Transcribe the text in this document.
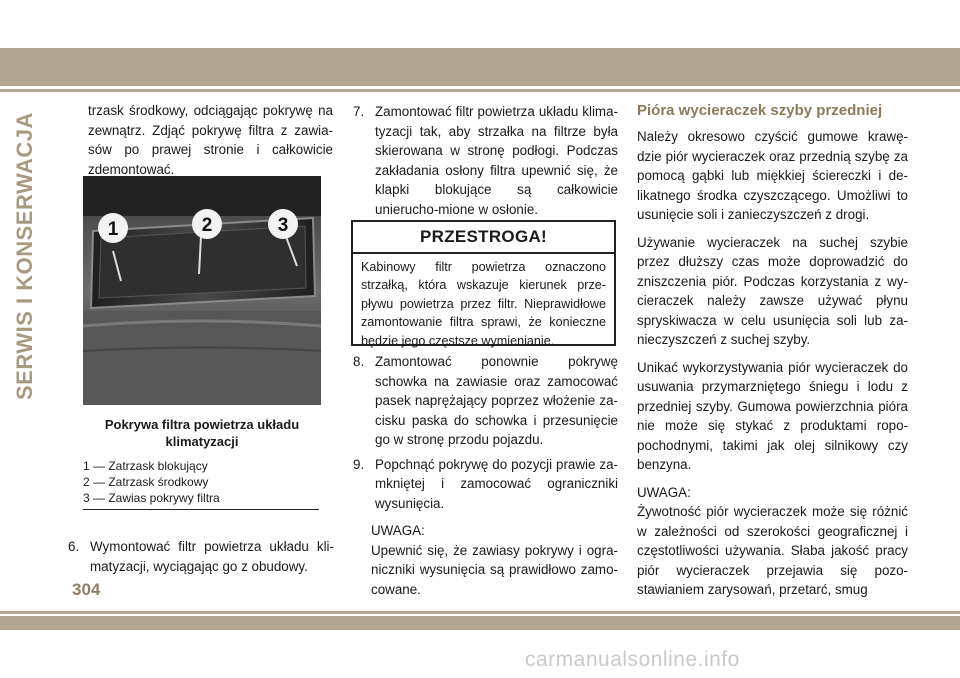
SERWIS I KONSERWACJA

trzask środkowy, odciągając pokrywę na zewnątrz. Zdjąć pokrywę filtra z zawia-sów po prawej stronie i całkowicie zdemontować.

1	2	3
Pokrywa filtra powietrza układu
klimatyzacji
1 — Zatrzask blokujący
2 — Zatrzask środkowy
3 — Zawias pokrywy filtra
6. Wymontować filtr powietrza układu kli-matyzacji, wyciągając go z obudowy.
7. Zamontować filtr powietrza układu klima-tyzacji tak, aby strzałka na filtrze była skierowana w stronę podłogi. Podczas zakładania osłony filtra upewnić się, że klapki blokujące są całkowicie unierucho-mione w osłonie.
PRZESTROGA!
Kabinowy filtr powietrza oznaczono strzałką, która wskazuje kierunek prze-pływu powietrza przez filtr. Nieprawidłowe zamontowanie filtra sprawi, że konieczne będzie jego częstsze wymienianie.
8. Zamontować ponownie pokrywę schowka na zawiasie oraz zamocować pasek naprężający poprzez włożenie za-cisku paska do schowka i przesunięcie go w stronę przodu pojazdu.
9. Popchnąć pokrywę do pozycji prawie za-mkniętej i zamocować ograniczniki wysunięcia.
UWAGA:
Upewnić się, że zawiasy pokrywy i ogra-niczniki wysunięcia są prawidłowo zamo-cowane.
Pióra wycieraczek szyby przedniej

Należy okresowo czyścić gumowe krawę-dzie piór wycieraczek oraz przednią szybę za pomocą gąbki lub miękkiej ściereczki i de-likatnego środka czyszczącego. Umożliwi to usunięcie soli i zanieczyszczeń z drogi.

Używanie wycieraczek na suchej szybie przez dłuższy czas może doprowadzić do zniszczenia piór. Podczas korzystania z wy-cieraczek należy zawsze używać płynu spryskiwacza w celu usunięcia soli lub za-nieczyszczeń z suchej szyby.

Unikać wykorzystywania piór wycieraczek do usuwania przymarzniętego śniegu i lodu z przedniej szyby. Gumowa powierzchnia pióra nie może się stykać z produktami ropo-pochodnymi, takimi jak olej silnikowy czy benzyna.

UWAGA:

Żywotność piór wycieraczek może się różnić w zależności od szerokości geograficznej i częstotliwości używania. Słaba jakość pracy piór wycieraczek przejawia się pozo-stawianiem zarysowań, przetarć, smug

304
carmanualsonline.info
